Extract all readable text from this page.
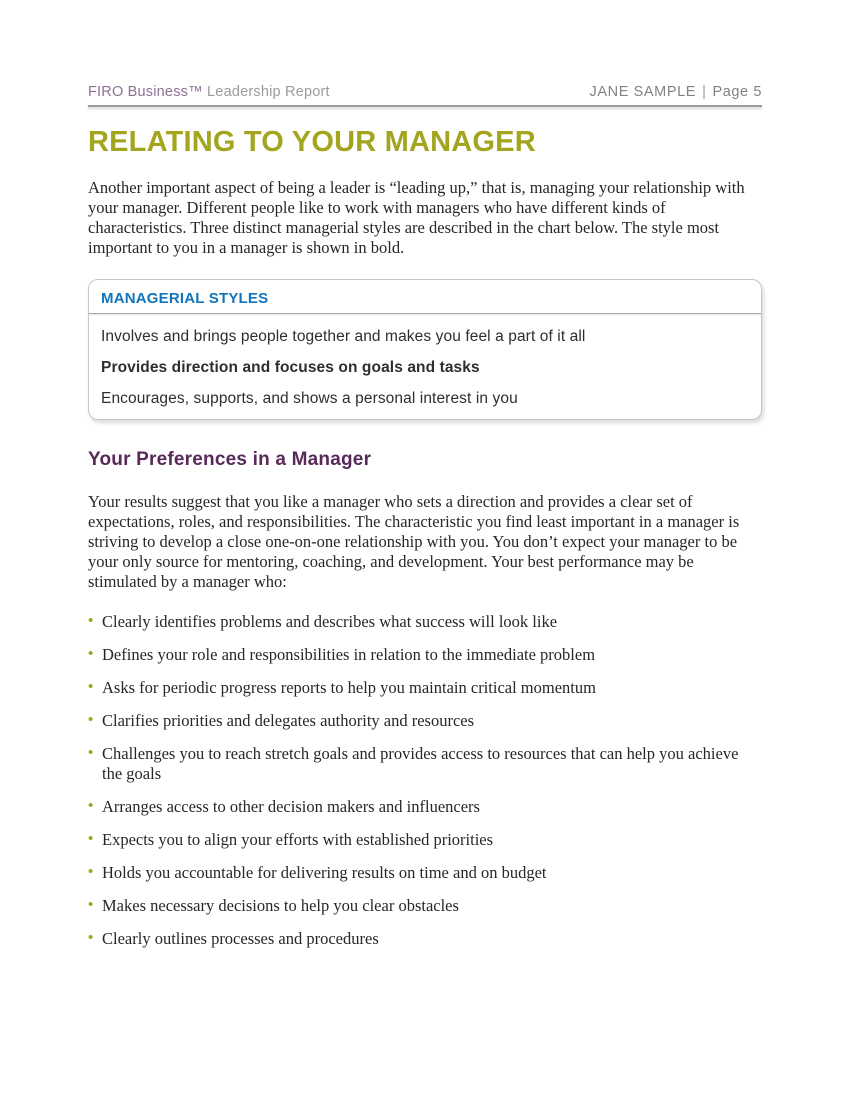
FIRO Business™ Leadership Report	JANE SAMPLE | Page 5
RELATING TO YOUR MANAGER

Another important aspect of being a leader is “leading up,” that is, managing your relationship with your manager. Different people like to work with managers who have different kinds of characteristics. Three distinct managerial styles are described in the chart below. The style most important to you in a manager is shown in bold.

MANAGERIAL STYLES

Involves and brings people together and makes you feel a part of it all

Provides direction and focuses on goals and tasks

Encourages, supports, and shows a personal interest in you

Your Preferences in a Manager

Your results suggest that you like a manager who sets a direction and provides a clear set of expectations, roles, and responsibilities. The characteristic you find least important in a manager is striving to develop a close one-on-one relationship with you. You don’t expect your manager to be your only source for mentoring, coaching, and development. Your best performance may be stimulated by a manager who:

• Clearly identifies problems and describes what success will look like
• Defines your role and responsibilities in relation to the immediate problem
• Asks for periodic progress reports to help you maintain critical momentum
• Clarifies priorities and delegates authority and resources
• Challenges you to reach stretch goals and provides access to resources that can help you achieve the goals
• Arranges access to other decision makers and influencers
• Expects you to align your efforts with established priorities
• Holds you accountable for delivering results on time and on budget
• Makes necessary decisions to help you clear obstacles
• Clearly outlines processes and procedures
